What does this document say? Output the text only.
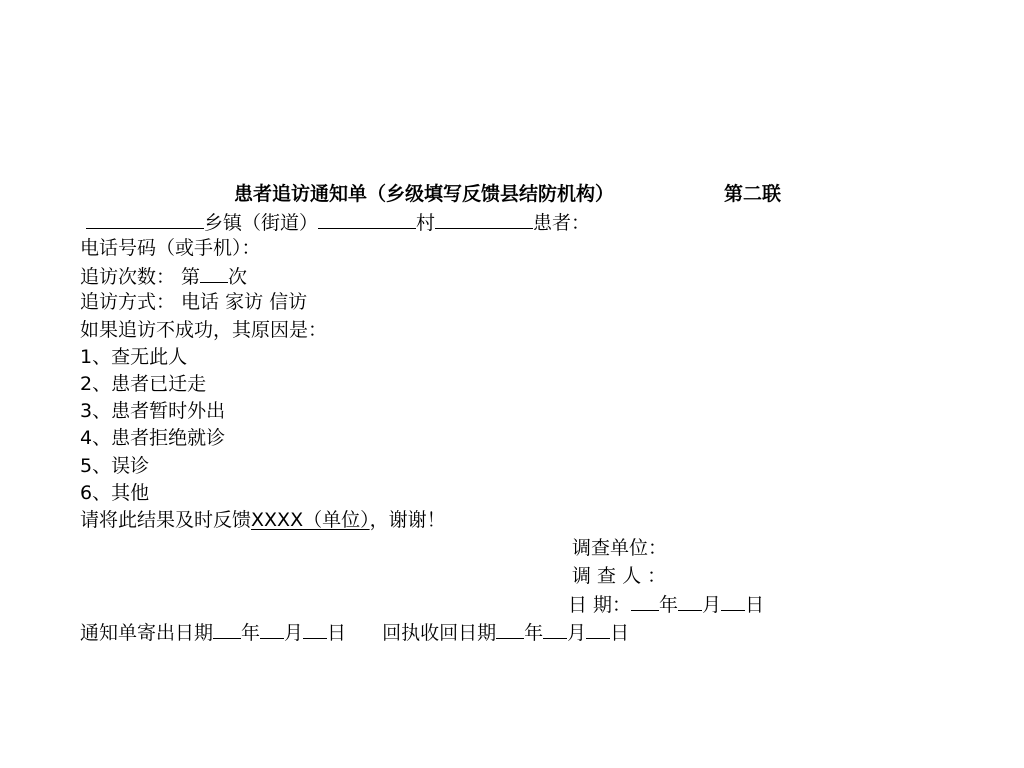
患者追访通知单（乡级填写反馈县结防机构）	第二联
乡镇（街道）	村	患者：
电话号码（或手机）：
追访次数： 第 次
追访方式： 电话 家访 信访
如果追访不成功，其原因是：
1、查无此人
2、患者已迁走
3、患者暂时外出
4、患者拒绝就诊
5、误诊
6、其他
请将此结果及时反馈XXXX（单位），谢谢！
调查单位：
调 查 人 ：
日 期： 年 月 日
通知单寄出日期 年 月 日 回执收回日期 年 月 日
